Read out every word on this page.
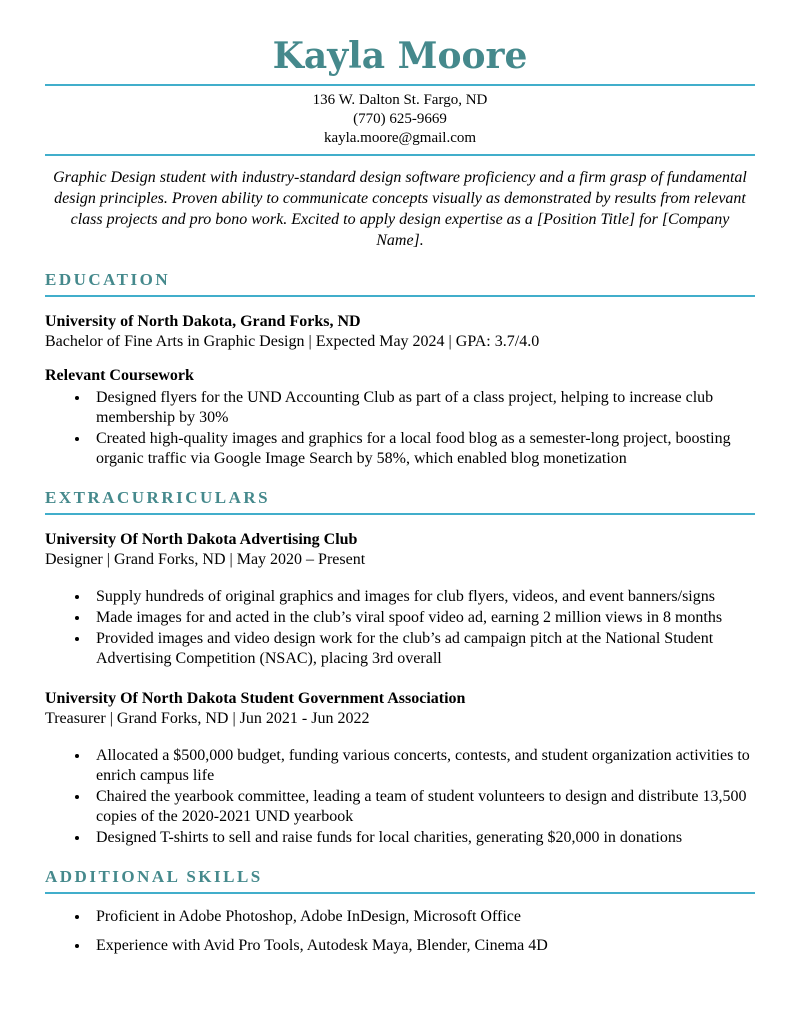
Kayla Moore
136 W. Dalton St. Fargo, ND
(770) 625-9669
kayla.moore@gmail.com

Graphic Design student with industry-standard design software proficiency and a firm grasp of fundamental design principles. Proven ability to communicate concepts visually as demonstrated by results from relevant class projects and pro bono work. Excited to apply design expertise as a [Position Title] for [Company Name].

EDUCATION
University of North Dakota, Grand Forks, ND
Bachelor of Fine Arts in Graphic Design | Expected May 2024 | GPA: 3.7/4.0
Relevant Coursework
• Designed flyers for the UND Accounting Club as part of a class project, helping to increase club membership by 30%
• Created high-quality images and graphics for a local food blog as a semester-long project, boosting organic traffic via Google Image Search by 58%, which enabled blog monetization
EXTRACURRICULARS
University Of North Dakota Advertising Club
Designer | Grand Forks, ND | May 2020 – Present
• Supply hundreds of original graphics and images for club flyers, videos, and event banners/signs
• Made images for and acted in the club’s viral spoof video ad, earning 2 million views in 8 months
• Provided images and video design work for the club’s ad campaign pitch at the National Student Advertising Competition (NSAC), placing 3rd overall
University Of North Dakota Student Government Association
Treasurer | Grand Forks, ND | Jun 2021 - Jun 2022
• Allocated a $500,000 budget, funding various concerts, contests, and student organization activities to enrich campus life
• Chaired the yearbook committee, leading a team of student volunteers to design and distribute 13,500 copies of the 2020-2021 UND yearbook
• Designed T-shirts to sell and raise funds for local charities, generating $20,000 in donations
ADDITIONAL SKILLS
• Proficient in Adobe Photoshop, Adobe InDesign, Microsoft Office
• Experience with Avid Pro Tools, Autodesk Maya, Blender, Cinema 4D
